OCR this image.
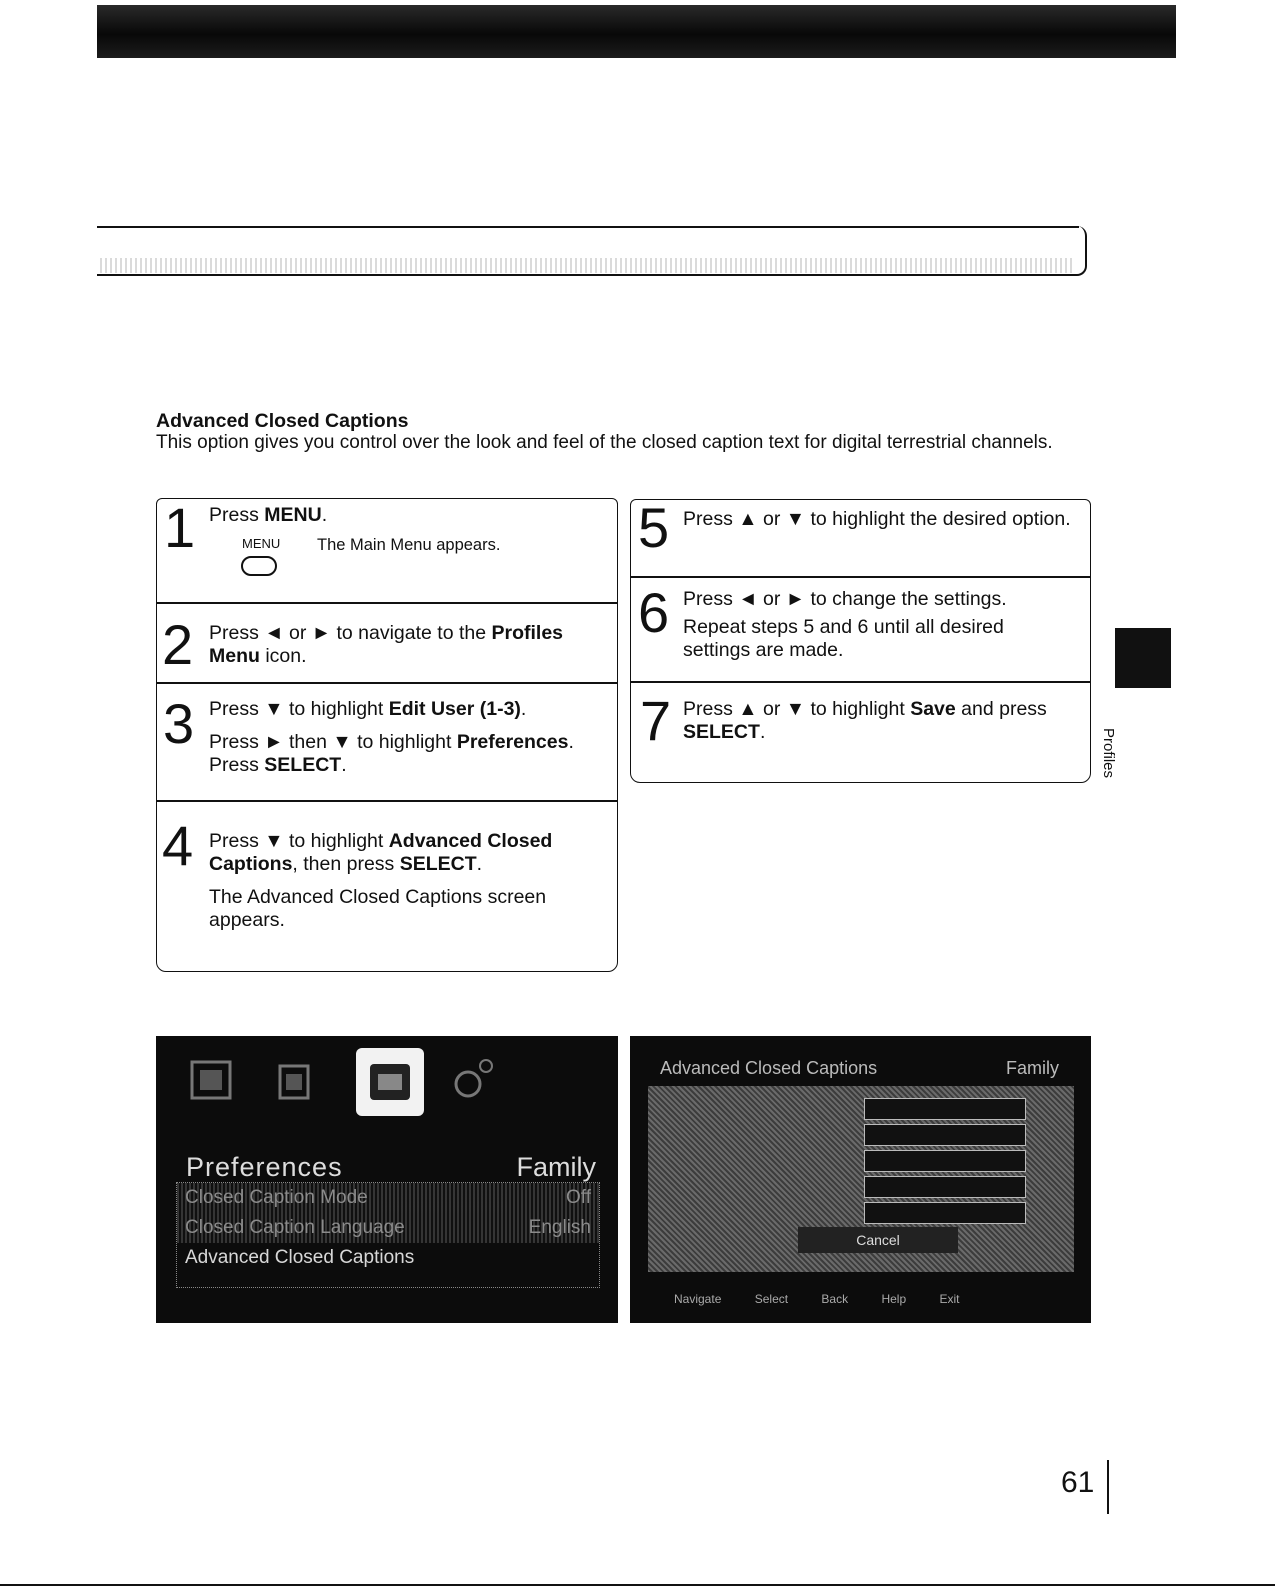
Advanced Closed Captions
This option gives you control over the look and feel of the closed caption text for digital terrestrial channels.
1 Press MENU.
MENU The Main Menu appears.
2 Press ◄ or ► to navigate to the Profiles Menu icon.
3 Press ▼ to highlight Edit User (1-3).
Press ► then ▼ to highlight Preferences.
Press SELECT.
4 Press ▼ to highlight Advanced Closed Captions, then press SELECT.
The Advanced Closed Captions screen appears.
5 Press ▲ or ▼ to highlight the desired option.
6 Press ◄ or ► to change the settings.
Repeat steps 5 and 6 until all desired settings are made.
7 Press ▲ or ▼ to highlight Save and press SELECT.	Profiles
Preferences	Family
Closed Caption Mode	Off
Closed Caption Language	English
Advanced Closed Captions
Advanced Closed Captions	Family
Cancel
Navigate	Select	Back	Help	Exit
61
